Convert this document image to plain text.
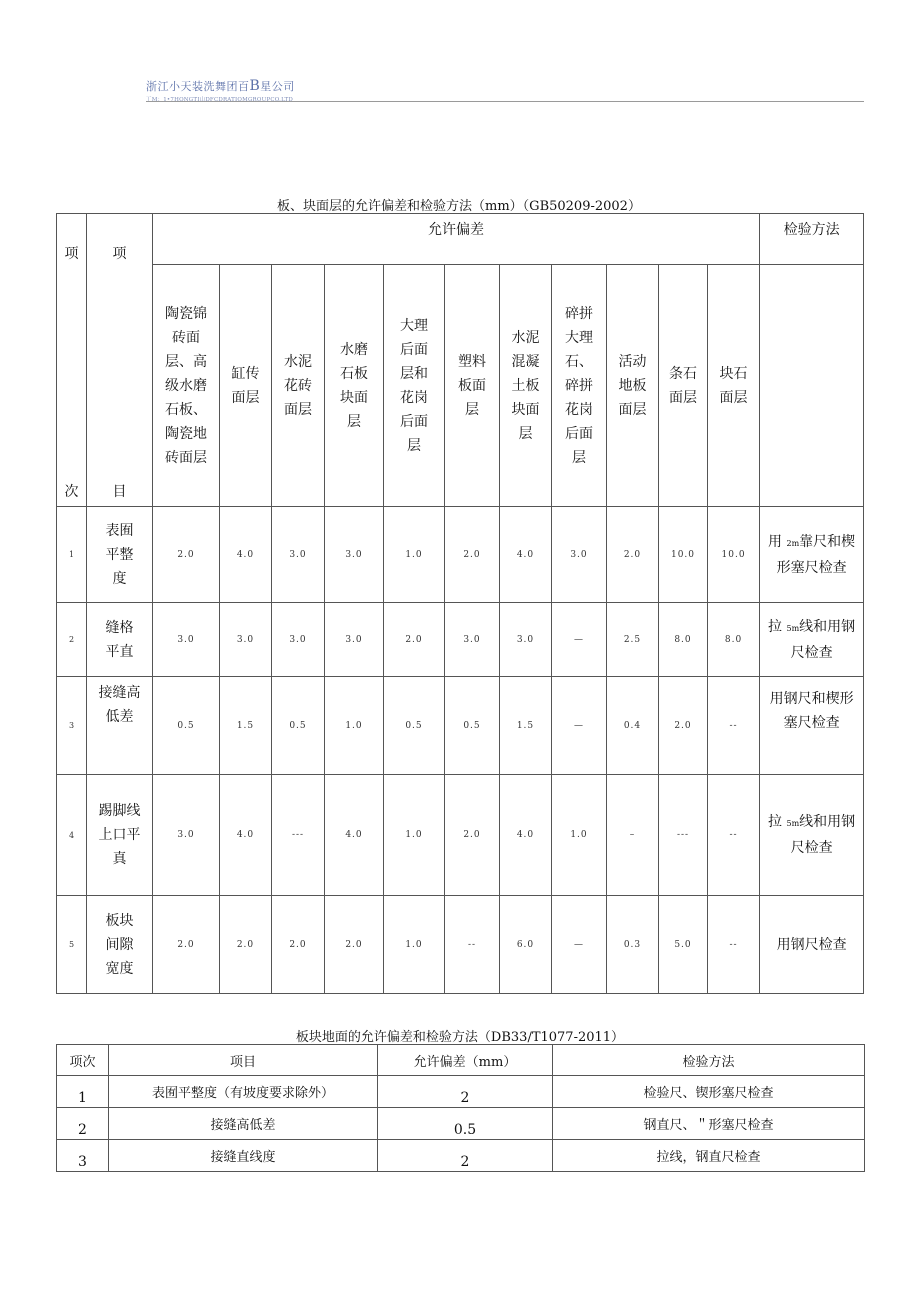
浙江小天装洗舞团百B星公司
丁M：1•7HONGTI⼭DFCDRATIOMGROUPCO.LTD
板、块面层的允许偏差和检验方法（mm）（GB50209-2002）
项
次	项
目	允许偏差											检验方法
		陶瓷锦砖面层、高级水磨石板、陶瓷地砖面层	缸传面层	水泥花砖面层	水磨石板块面层	大理后面层和花岗后面层	塑料板面层	水泥混凝土板块面层	碎拼大理石、碎拼花岗后面层	活动地板面层	条石面层	块石面层	
1	表囿平整度	2.0	4.0	3.0	3.0	1.0	2.0	4.0	3.0	2.0	10.0	10.0	用 2m靠尺和楔形塞尺检查
2	缝格平直	3.0	3.0	3.0	3.0	2.0	3.0	3.0	—	2.5	8.0	8.0	拉 5m线和用钢尺检查
3	接缝高低差	0.5	1.5	0.5	1.0	0.5	0.5	1.5	—	0.4	2.0	--	用钢尺和楔形塞尺检查
4	踢脚线上口平真	3.0	4.0	---	4.0	1.0	2.0	4.0	1.0	–	---	--	拉 5m线和用钢尺检查
5	板块间隙宽度	2.0	2.0	2.0	2.0	1.0	--	6.0	—	0.3	5.0	--	用钢尺检查
板块地面的允许偏差和检验方法（DB33/T1077-2011）
项次	项目	允许偏差（mm）	检验方法
1	表囿平整度（有坡度要求除外）	2	检验尺、锲形塞尺检查
2	接缝高低差	0.5	钢直尺、＂形塞尺检查
3	接缝直线度	2	拉线，钢直尺检查
